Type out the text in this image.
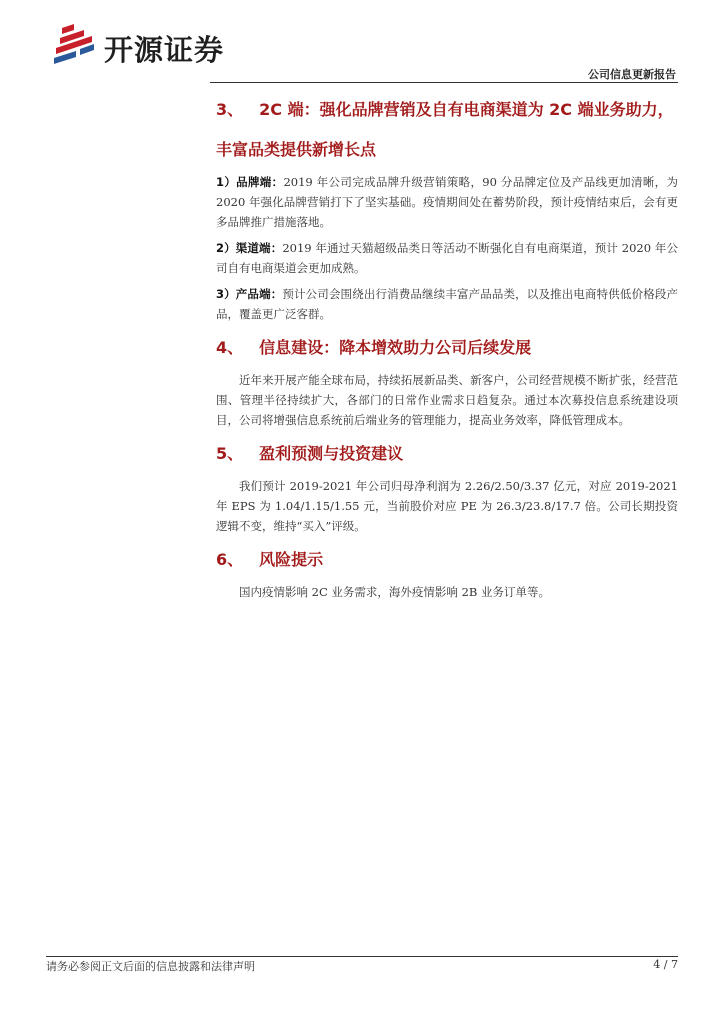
开源证券
公司信息更新报告
3、 2C 端：强化品牌营销及自有电商渠道为 2C 端业务助力，
丰富品类提供新增长点

1）品牌端：2019 年公司完成品牌升级营销策略，90 分品牌定位及产品线更加清晰，为 2020 年强化品牌营销打下了坚实基础。疫情期间处在蓄势阶段，预计疫情结束后，会有更多品牌推广措施落地。

2）渠道端：2019 年通过天猫超级品类日等活动不断强化自有电商渠道，预计 2020 年公司自有电商渠道会更加成熟。

3）产品端：预计公司会围绕出行消费品继续丰富产品品类，以及推出电商特供低价格段产品，覆盖更广泛客群。

4、 信息建设：降本增效助力公司后续发展

近年来开展产能全球布局，持续拓展新品类、新客户，公司经营规模不断扩张，经营范围、管理半径持续扩大，各部门的日常作业需求日趋复杂。通过本次募投信息系统建设项目，公司将增强信息系统前后端业务的管理能力，提高业务效率，降低管理成本。

5、 盈利预测与投资建议

我们预计 2019-2021 年公司归母净利润为 2.26/2.50/3.37 亿元，对应 2019-2021 年 EPS 为 1.04/1.15/1.55 元，当前股价对应 PE 为 26.3/23.8/17.7 倍。公司长期投资逻辑不变，维持“买入”评级。

6、 风险提示

国内疫情影响 2C 业务需求，海外疫情影响 2B 业务订单等。

请务必参阅正文后面的信息披露和法律声明	4 / 7
